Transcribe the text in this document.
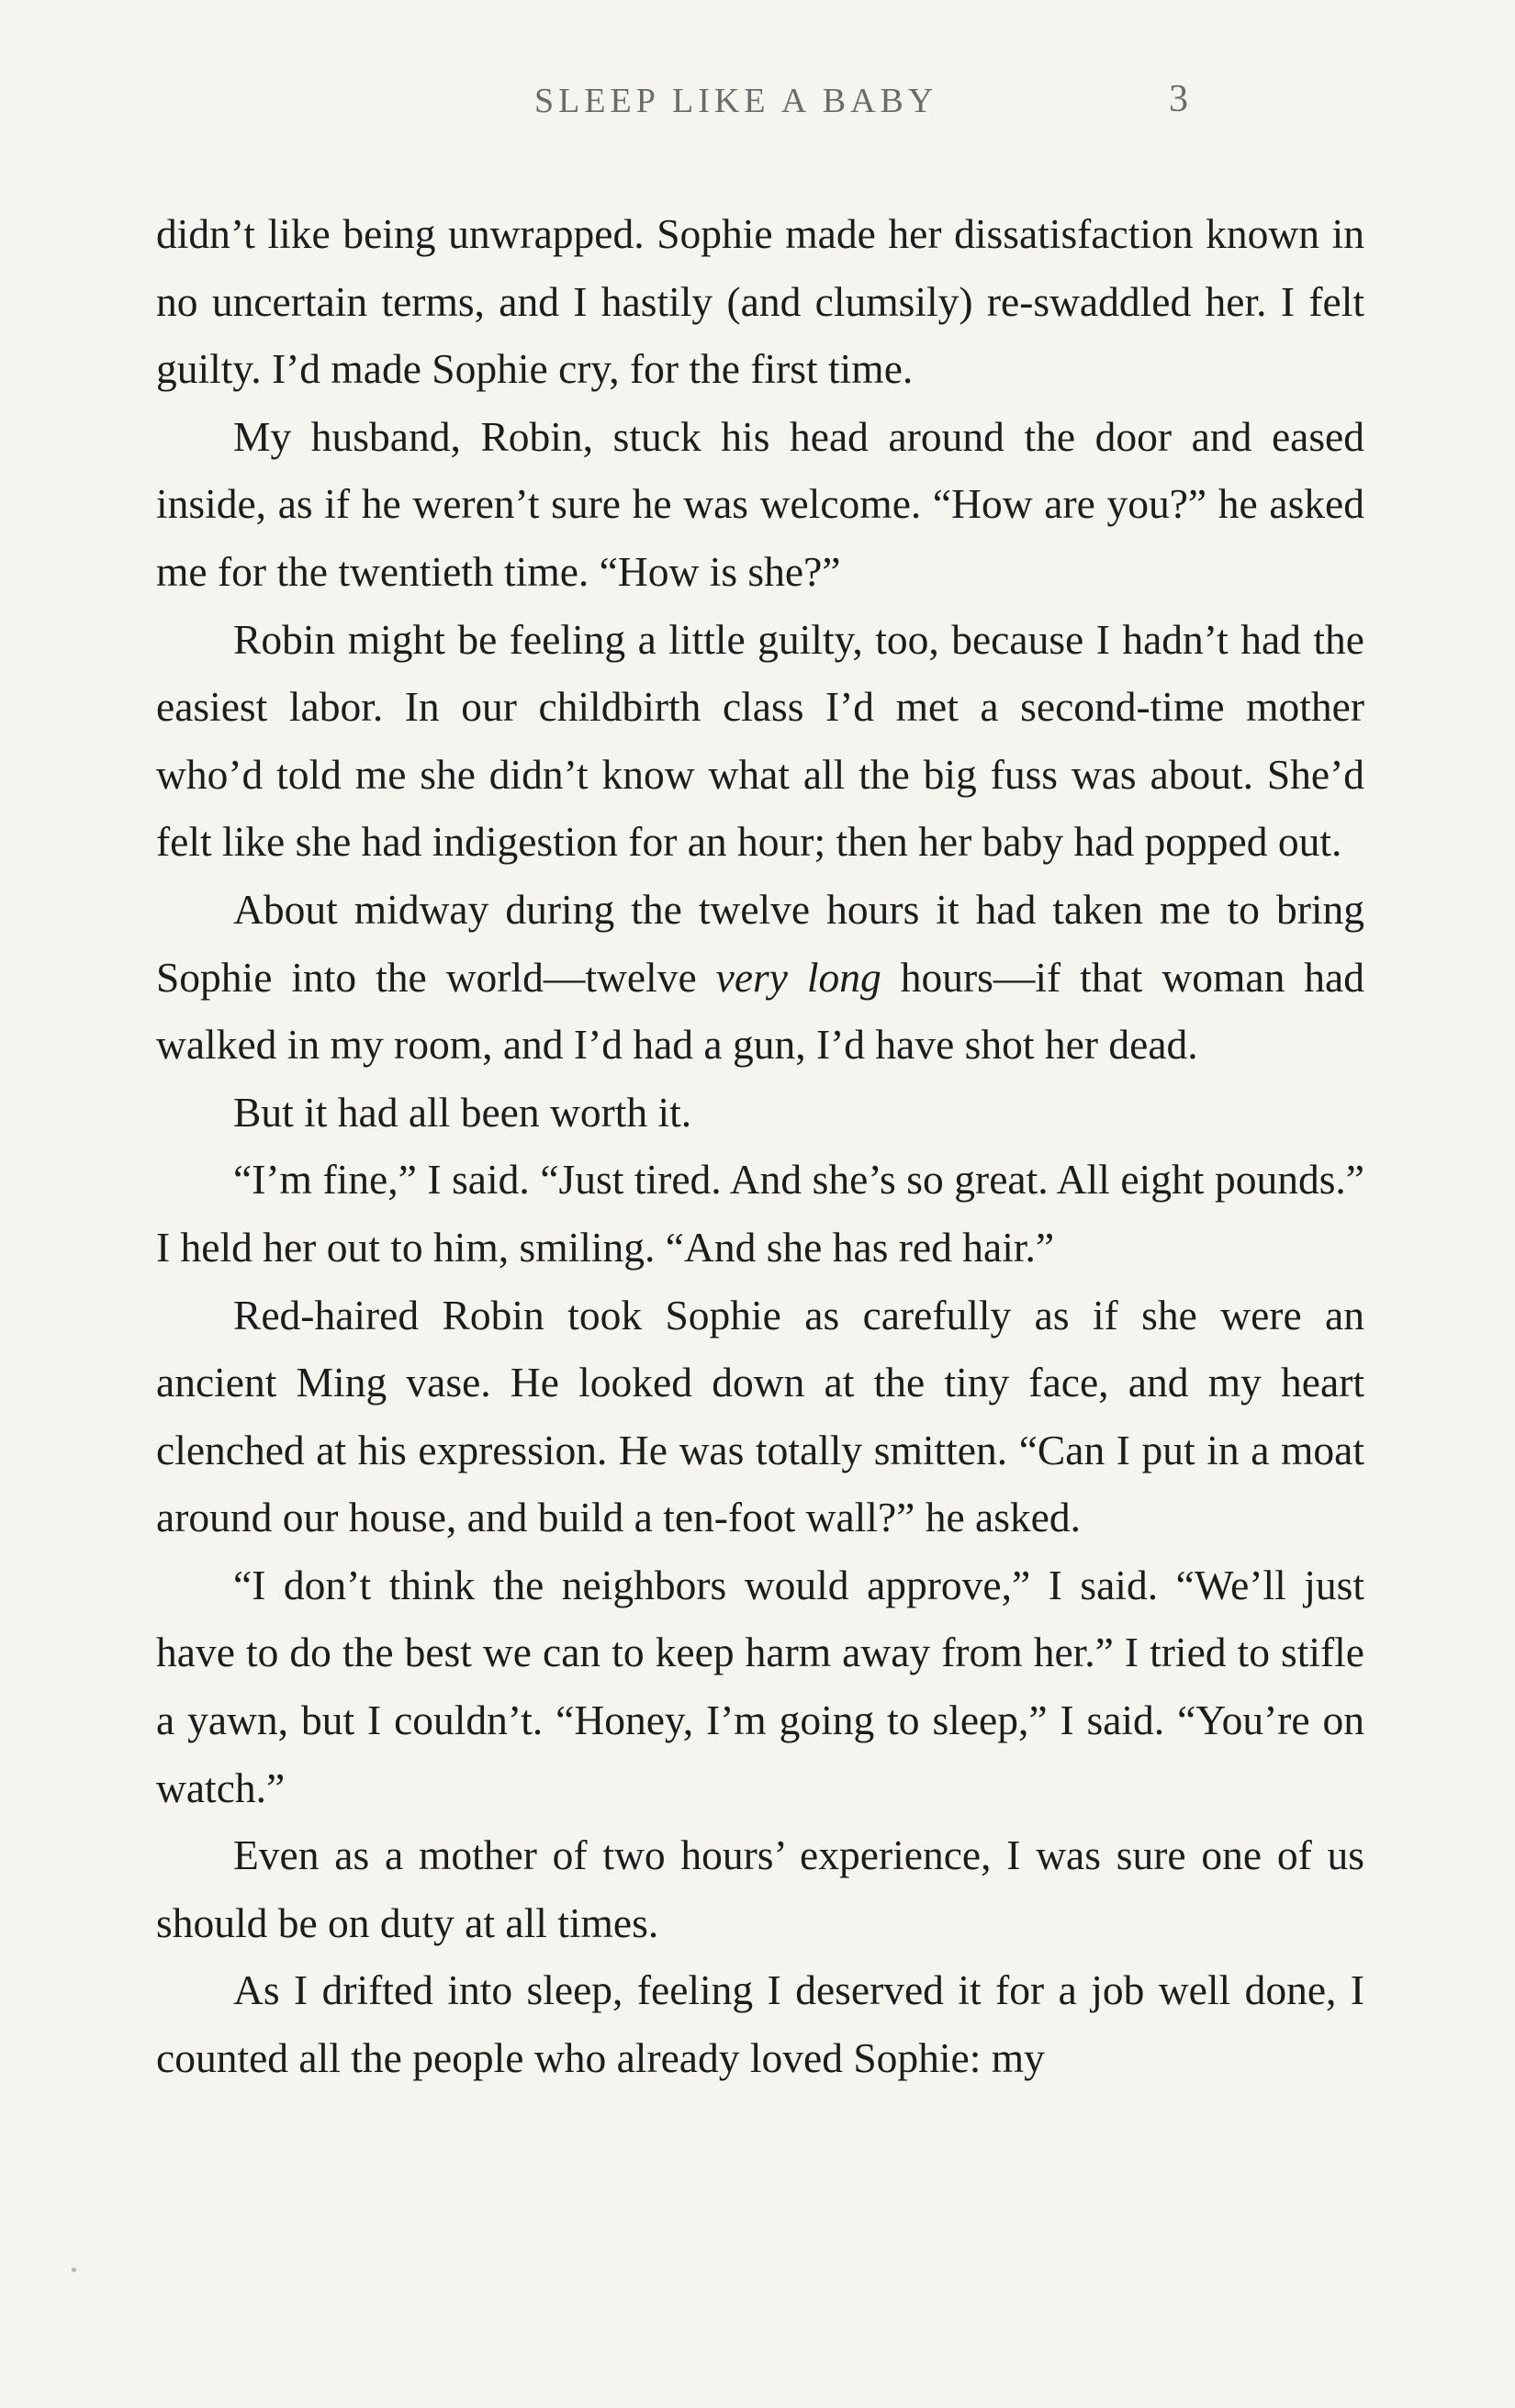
SLEEP LIKE A BABY	3

didn’t like being unwrapped. Sophie made her dissatisfaction known in no uncertain terms, and I hastily (and clumsily) re-swaddled her. I felt guilty. I’d made Sophie cry, for the first time.

My husband, Robin, stuck his head around the door and eased inside, as if he weren’t sure he was welcome. “How are you?” he asked me for the twentieth time. “How is she?”

Robin might be feeling a little guilty, too, because I hadn’t had the easiest labor. In our childbirth class I’d met a second-time mother who’d told me she didn’t know what all the big fuss was about. She’d felt like she had indigestion for an hour; then her baby had popped out.

About midway during the twelve hours it had taken me to bring Sophie into the world—twelve very long hours—if that woman had walked in my room, and I’d had a gun, I’d have shot her dead.

But it had all been worth it.

“I’m fine,” I said. “Just tired. And she’s so great. All eight pounds.” I held her out to him, smiling. “And she has red hair.”

Red-haired Robin took Sophie as carefully as if she were an ancient Ming vase. He looked down at the tiny face, and my heart clenched at his expression. He was totally smitten. “Can I put in a moat around our house, and build a ten-foot wall?” he asked.

“I don’t think the neighbors would approve,” I said. “We’ll just have to do the best we can to keep harm away from her.” I tried to stifle a yawn, but I couldn’t. “Honey, I’m going to sleep,” I said. “You’re on watch.”

Even as a mother of two hours’ experience, I was sure one of us should be on duty at all times.

As I drifted into sleep, feeling I deserved it for a job well done, I counted all the people who already loved Sophie: my
